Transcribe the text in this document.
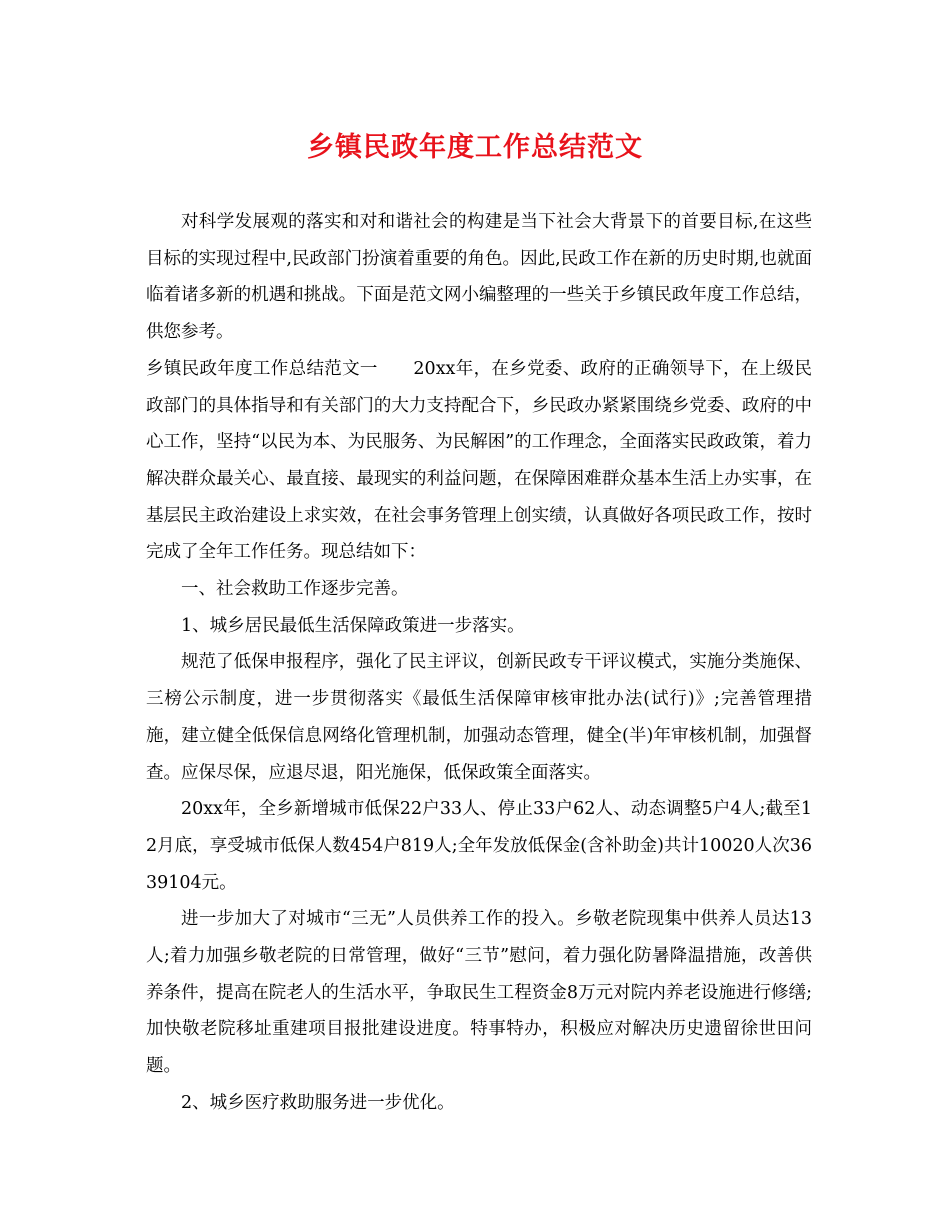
乡镇民政年度工作总结范文

对科学发展观的落实和对和谐社会的构建是当下社会大背景下的首要目标,在这些目标的实现过程中,民政部门扮演着重要的角色。因此,民政工作在新的历史时期,也就面临着诸多新的机遇和挑战。下面是范文网小编整理的一些关于乡镇民政年度工作总结，供您参考。

乡镇民政年度工作总结范文一　　20xx年，在乡党委、政府的正确领导下，在上级民政部门的具体指导和有关部门的大力支持配合下，乡民政办紧紧围绕乡党委、政府的中心工作，坚持“以民为本、为民服务、为民解困”的工作理念，全面落实民政政策，着力解决群众最关心、最直接、最现实的利益问题，在保障困难群众基本生活上办实事，在基层民主政治建设上求实效，在社会事务管理上创实绩，认真做好各项民政工作，按时完成了全年工作任务。现总结如下：

一、社会救助工作逐步完善。

1、城乡居民最低生活保障政策进一步落实。

规范了低保申报程序，强化了民主评议，创新民政专干评议模式，实施分类施保、三榜公示制度，进一步贯彻落实《最低生活保障审核审批办法(试行)》;完善管理措施，建立健全低保信息网络化管理机制，加强动态管理，健全(半)年审核机制，加强督查。应保尽保，应退尽退，阳光施保，低保政策全面落实。

20xx年，全乡新增城市低保22户33人、停止33户62人、动态调整5户4人;截至12月底，享受城市低保人数454户819人;全年发放低保金(含补助金)共计10020人次3639104元。

进一步加大了对城市“三无”人员供养工作的投入。乡敬老院现集中供养人员达13人;着力加强乡敬老院的日常管理，做好“三节”慰问，着力强化防暑降温措施，改善供养条件，提高在院老人的生活水平，争取民生工程资金8万元对院内养老设施进行修缮;加快敬老院移址重建项目报批建设进度。特事特办，积极应对解决历史遗留徐世田问题。

2、城乡医疗救助服务进一步优化。
